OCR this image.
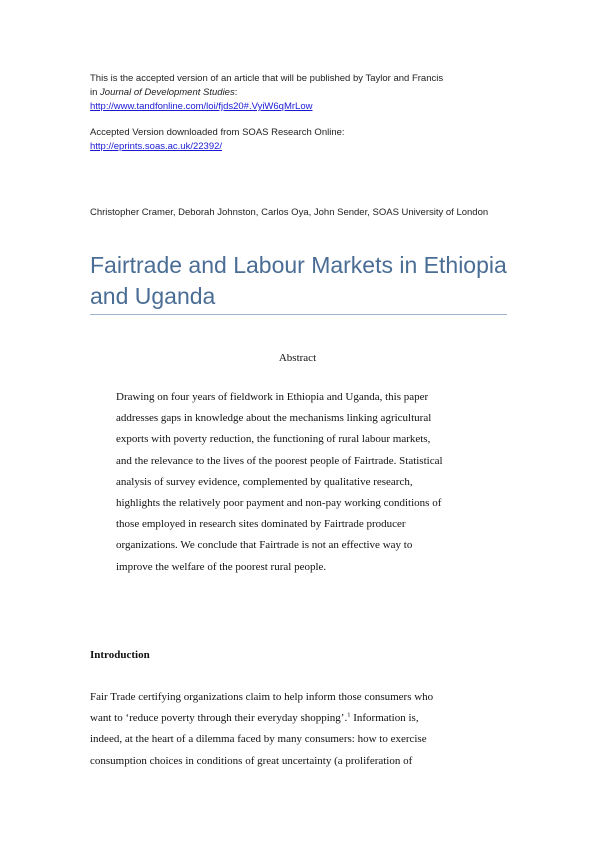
This is the accepted version of an article that will be published by Taylor and Francis

in Journal of Development Studies:

http://www.tandfonline.com/loi/fjds20#.VyiW6qMrLow

Accepted Version downloaded from SOAS Research Online:

http://eprints.soas.ac.uk/22392/

Christopher Cramer, Deborah Johnston, Carlos Oya, John Sender, SOAS University of London
Fairtrade and Labour Markets in Ethiopia and Uganda
Abstract
Drawing on four years of fieldwork in Ethiopia and Uganda, this paper
addresses gaps in knowledge about the mechanisms linking agricultural
exports with poverty reduction, the functioning of rural labour markets,
and the relevance to the lives of the poorest people of Fairtrade. Statistical
analysis of survey evidence, complemented by qualitative research,
highlights the relatively poor payment and non-pay working conditions of
those employed in research sites dominated by Fairtrade producer
organizations. We conclude that Fairtrade is not an effective way to
improve the welfare of the poorest rural people.
Introduction
Fair Trade certifying organizations claim to help inform those consumers who
want to ‘reduce poverty through their everyday shopping’.$^1$ Information is,
indeed, at the heart of a dilemma faced by many consumers: how to exercise
consumption choices in conditions of great uncertainty (a proliferation of
